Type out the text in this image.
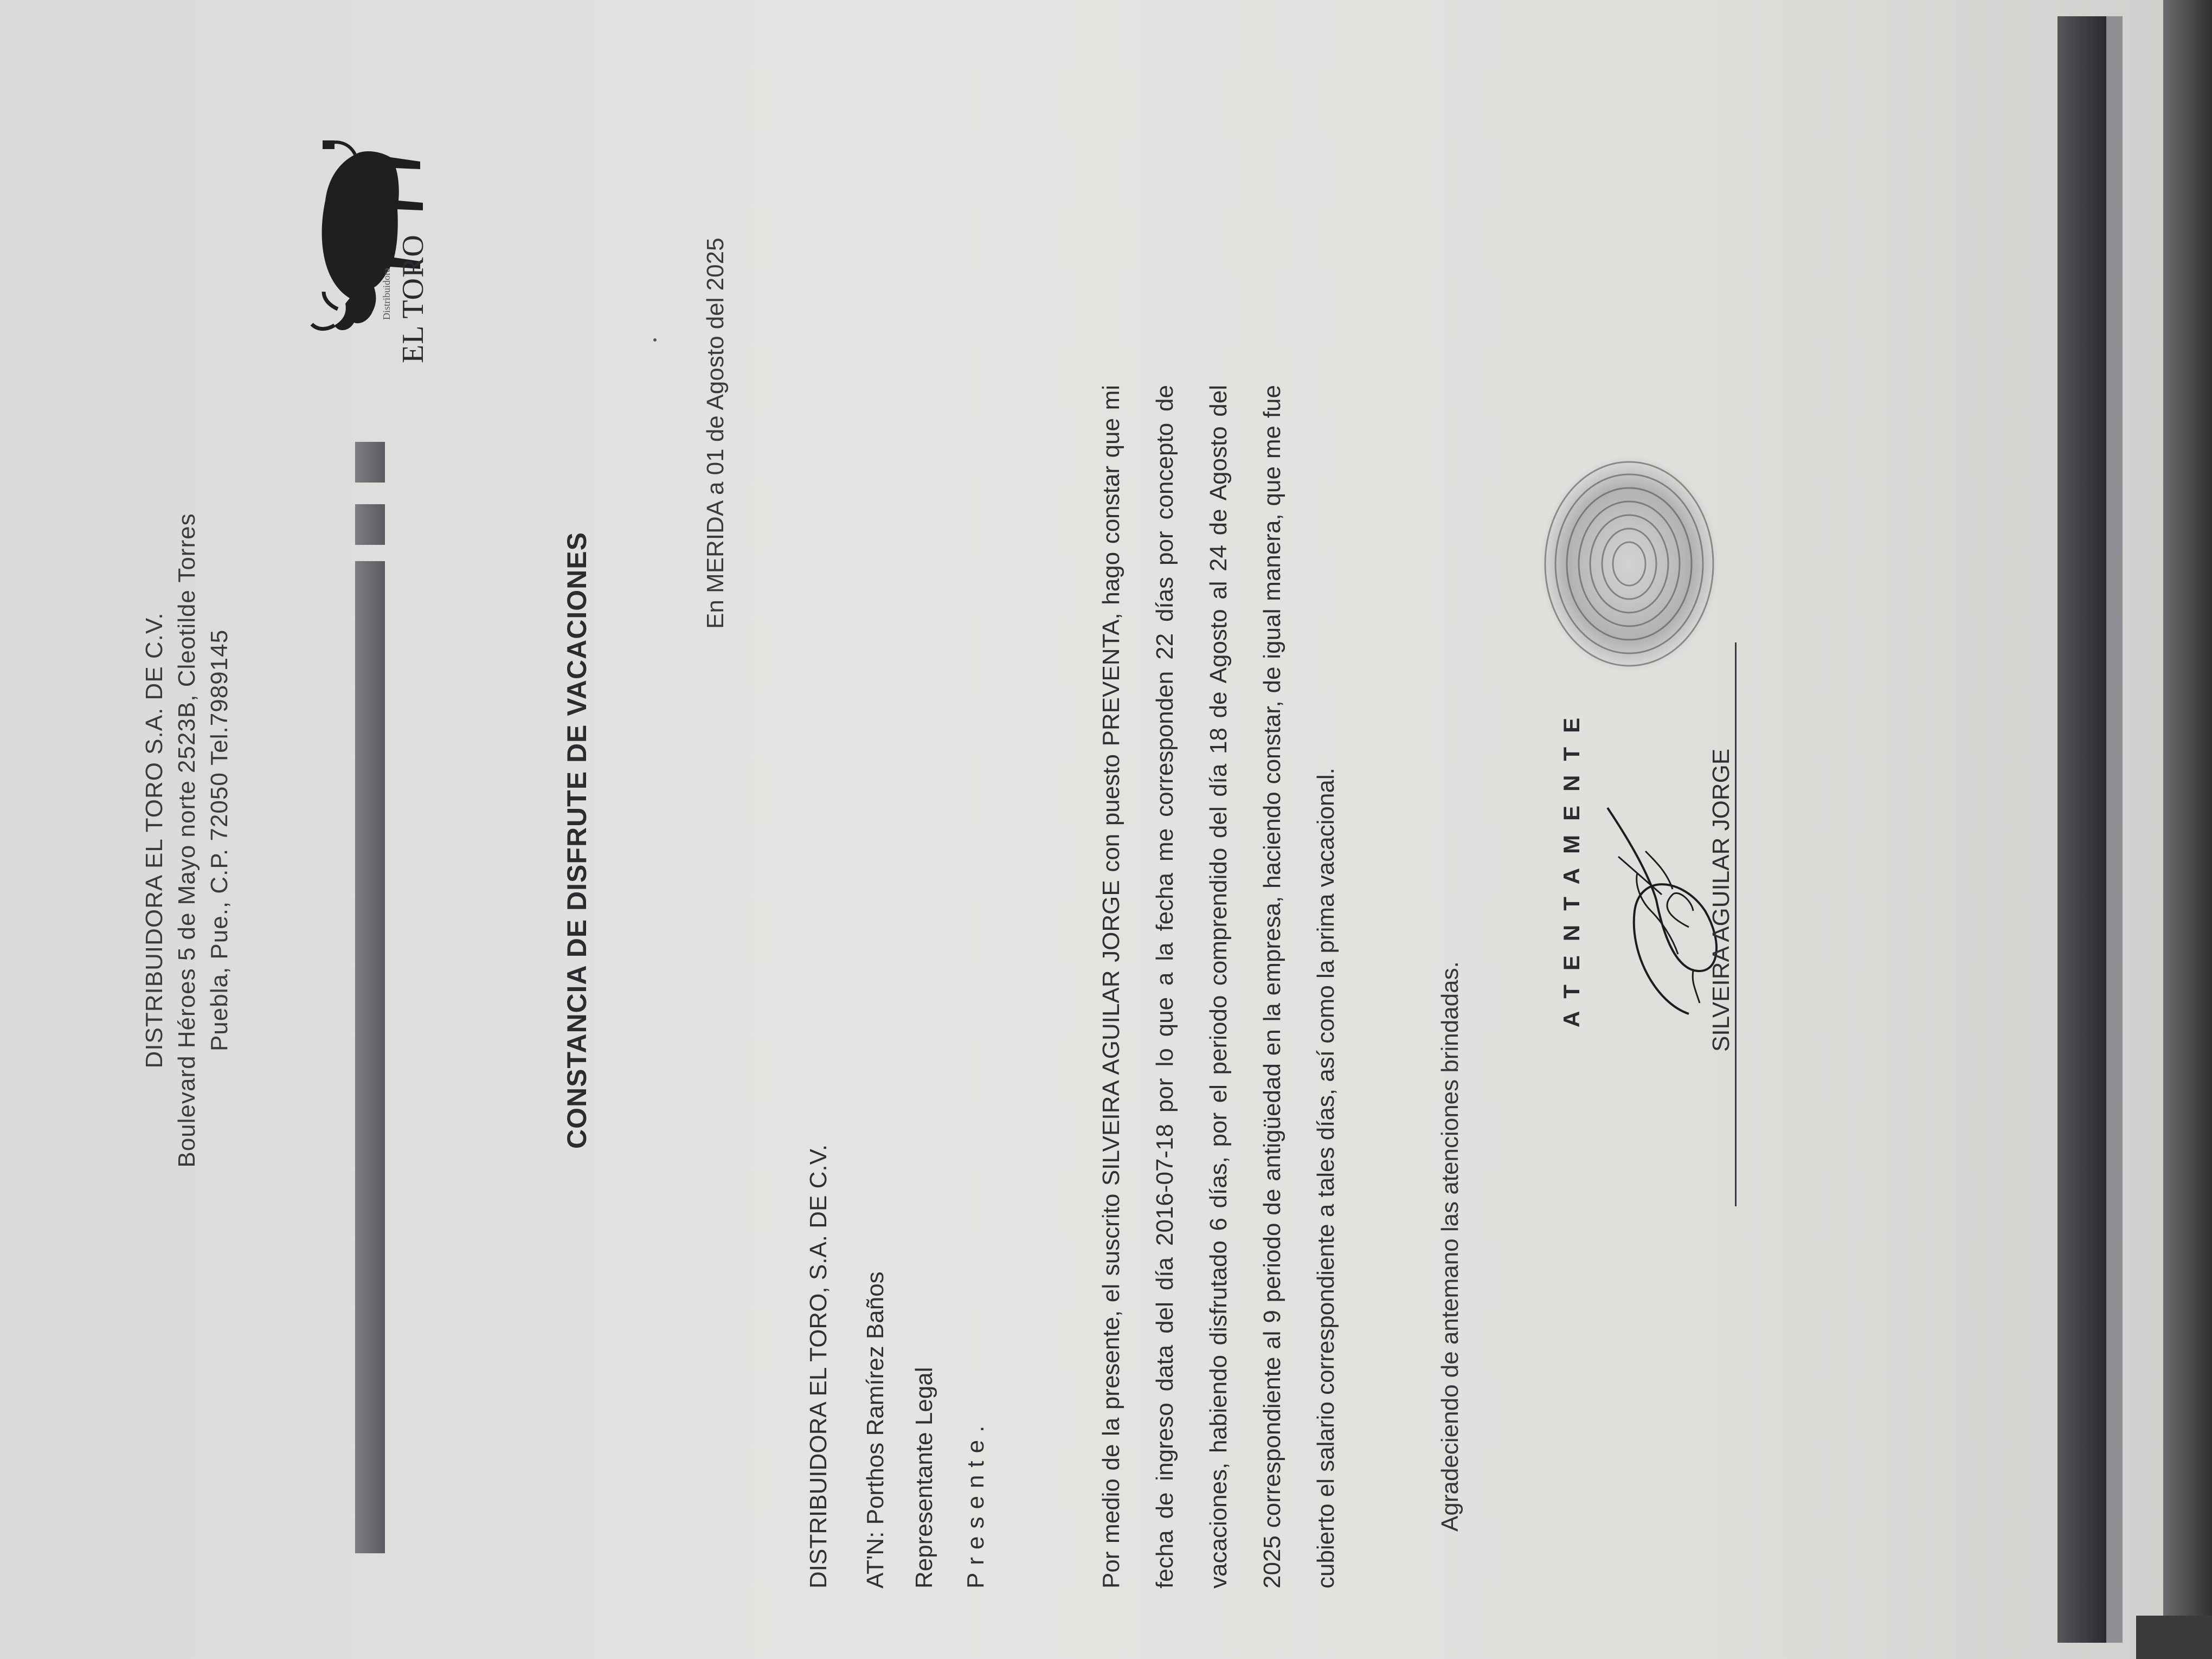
DISTRIBUIDORA EL TORO S.A. DE C.V. Boulevard Héroes 5 de Mayo norte 2523B, Cleotilde Torres Puebla, Pue., C.P. 72050 Tel.7989145
Distribuidora EL TORO
CONSTANCIA DE DISFRUTE DE VACACIONES
En MERIDA a 01 de Agosto del 2025
DISTRIBUIDORA EL TORO, S.A. DE C.V. AT'N: Porthos Ramírez Baños Representante Legal Presente.	Por medio de la presente, el suscrito SILVEIRA AGUILAR JORGE con puesto PREVENTA, hago constar que mi fecha de ingreso data del día 2016-07-18 por lo que a la fecha me corresponden 22 días por concepto de vacaciones, habiendo disfrutado 6 días, por el periodo comprendido del día 18 de Agosto al 24 de Agosto del 2025 correspondiente al 9 periodo de antigüedad en la empresa, haciendo constar, de igual manera, que me fue cubierto el salario correspondiente a tales días, así como la prima vacacional.	Agradeciendo de antemano las atenciones brindadas.
ATENTAMENTE	SILVEIRA AGUILAR JORGE
